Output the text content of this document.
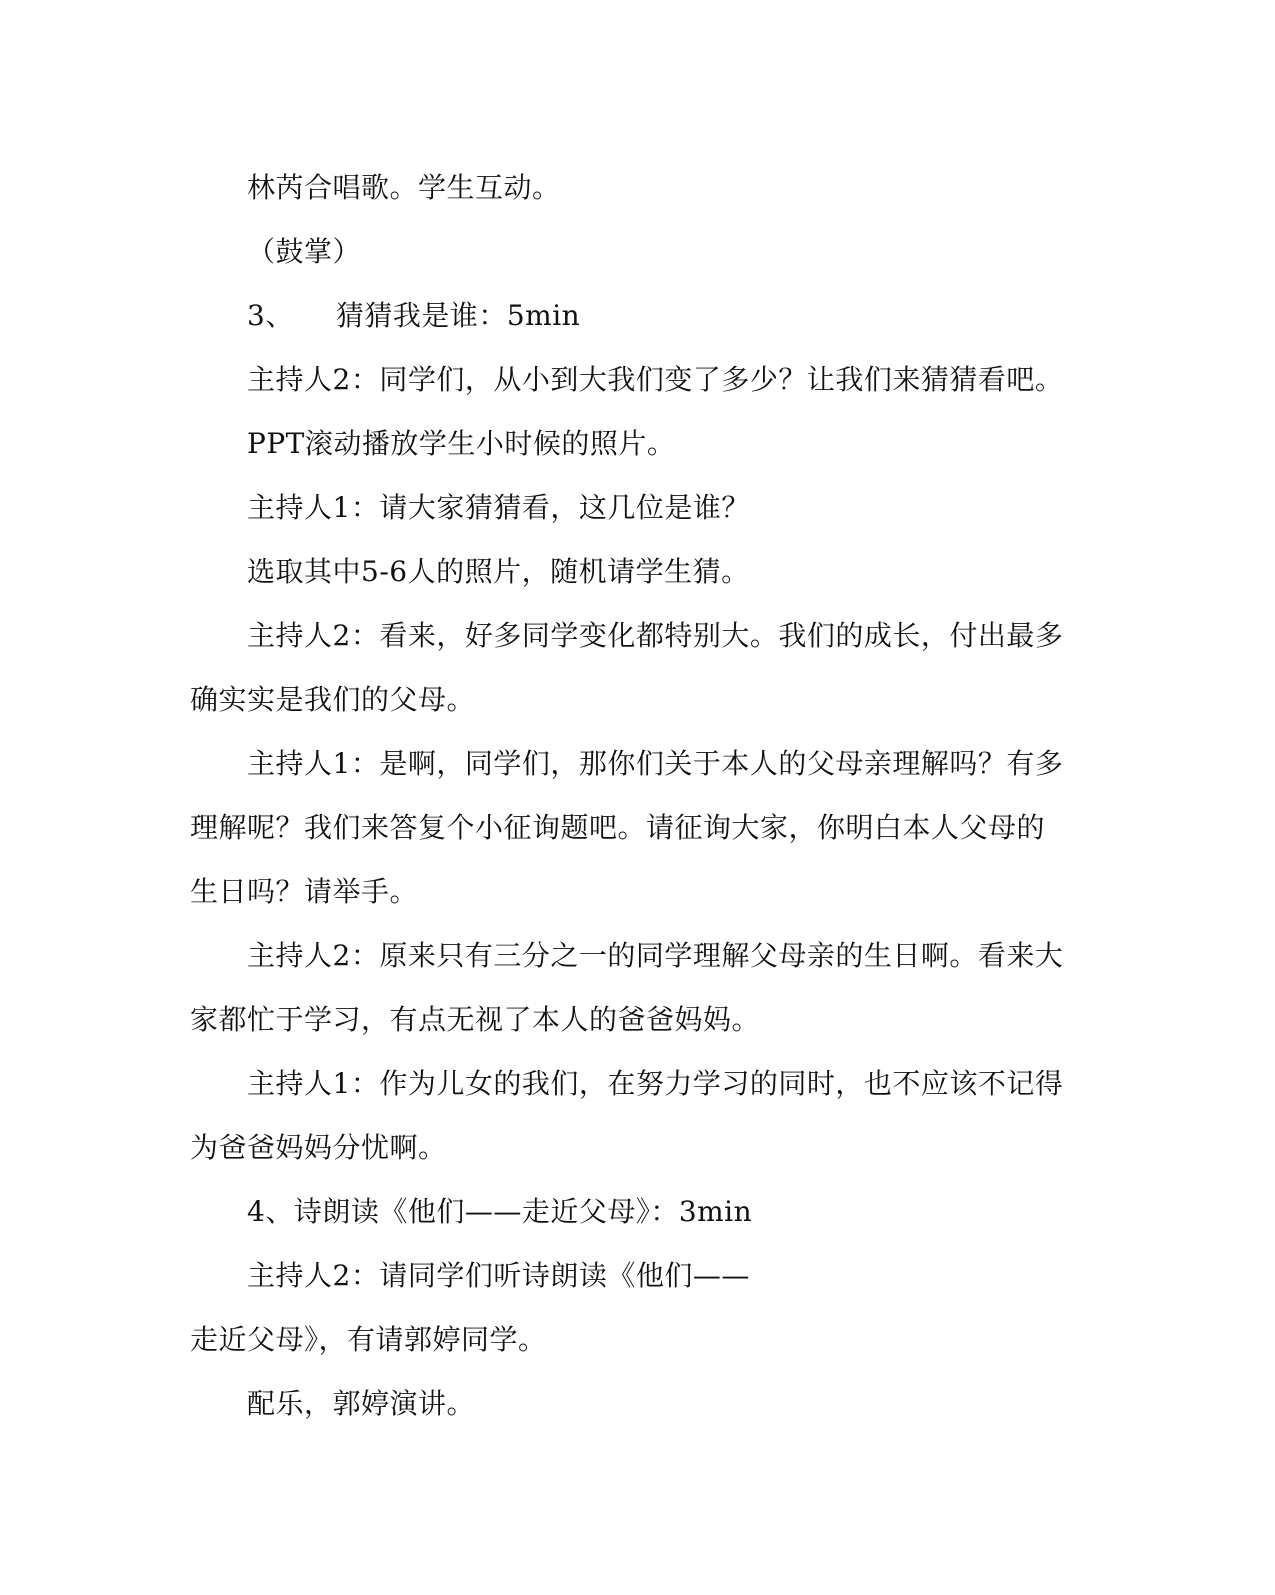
林芮合唱歌。学生互动。
（鼓掌）
3、 猜猜我是谁：5min
主持人2：同学们，从小到大我们变了多少？让我们来猜猜看吧。
PPT滚动播放学生小时候的照片。
主持人1：请大家猜猜看，这几位是谁？
选取其中5-6人的照片，随机请学生猜。
主持人2：看来，好多同学变化都特别大。我们的成长，付出最多
确实实是我们的父母。
主持人1：是啊，同学们，那你们关于本人的父母亲理解吗？有多
理解呢？我们来答复个小征询题吧。请征询大家，你明白本人父母的
生日吗？请举手。
主持人2：原来只有三分之一的同学理解父母亲的生日啊。看来大
家都忙于学习，有点无视了本人的爸爸妈妈。
主持人1：作为儿女的我们，在努力学习的同时，也不应该不记得
为爸爸妈妈分忧啊。
4、诗朗读《他们——走近父母》：3min
主持人2：请同学们听诗朗读《他们——
走近父母》，有请郭婷同学。
配乐，郭婷演讲。
